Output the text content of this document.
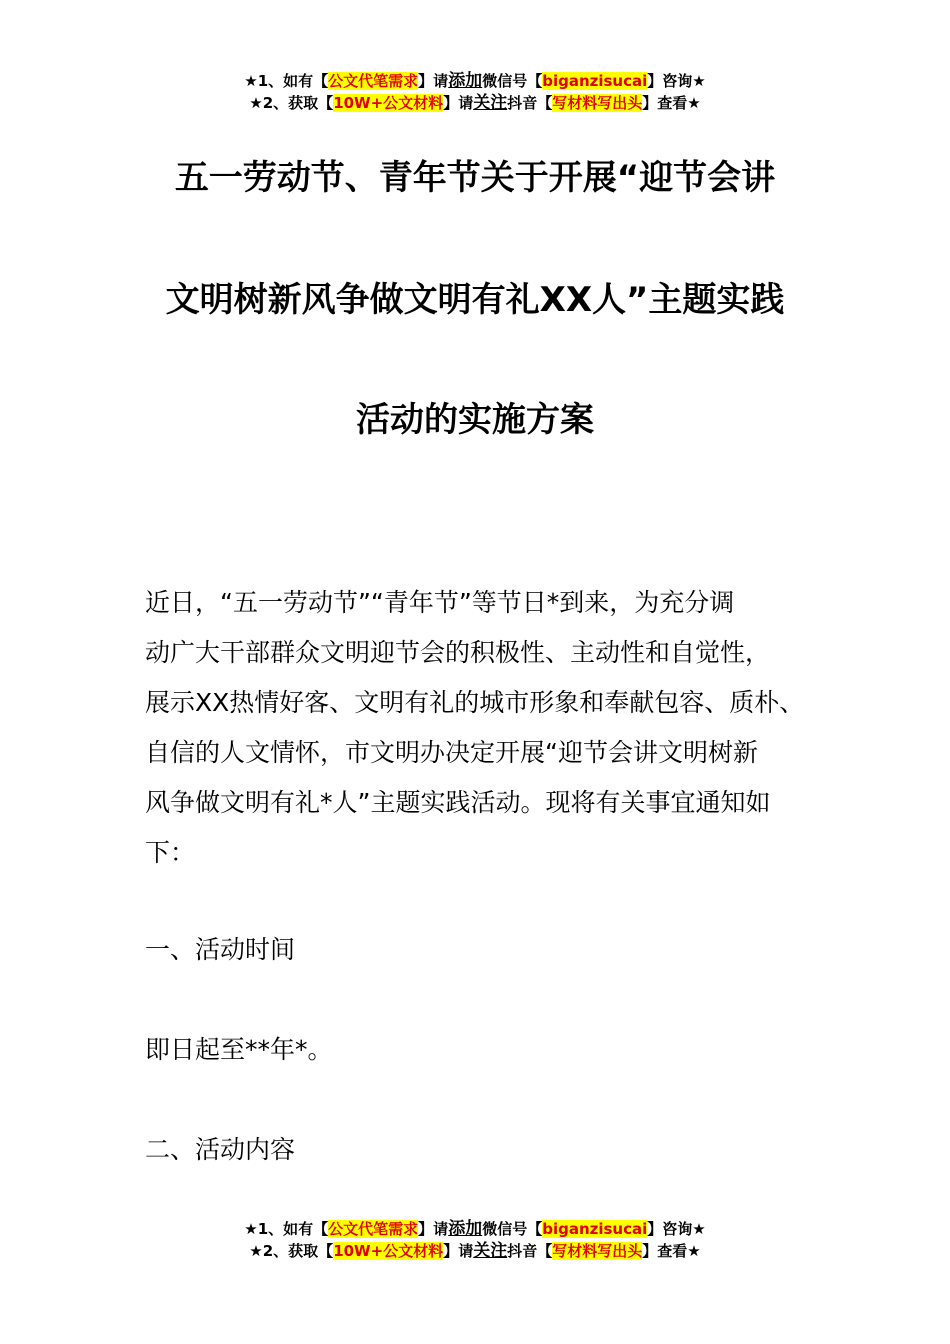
★1、如有【公文代笔需求】请添加微信号【biganzisucai】咨询★
★2、获取【10W+公文材料】请关注抖音【写材料写出头】查看★
五一劳动节、青年节关于开展“迎节会讲
文明树新风争做文明有礼XX人”主题实践
活动的实施方案
近日，“五一劳动节”“青年节”等节日*到来，为充分调
动广大干部群众文明迎节会的积极性、主动性和自觉性，
展示XX热情好客、文明有礼的城市形象和奉献包容、质朴、
自信的人文情怀，市文明办决定开展“迎节会讲文明树新
风争做文明有礼*人”主题实践活动。现将有关事宜通知如
下：
一、活动时间
即日起至**年*。
二、活动内容
★1、如有【公文代笔需求】请添加微信号【biganzisucai】咨询★
★2、获取【10W+公文材料】请关注抖音【写材料写出头】查看★
